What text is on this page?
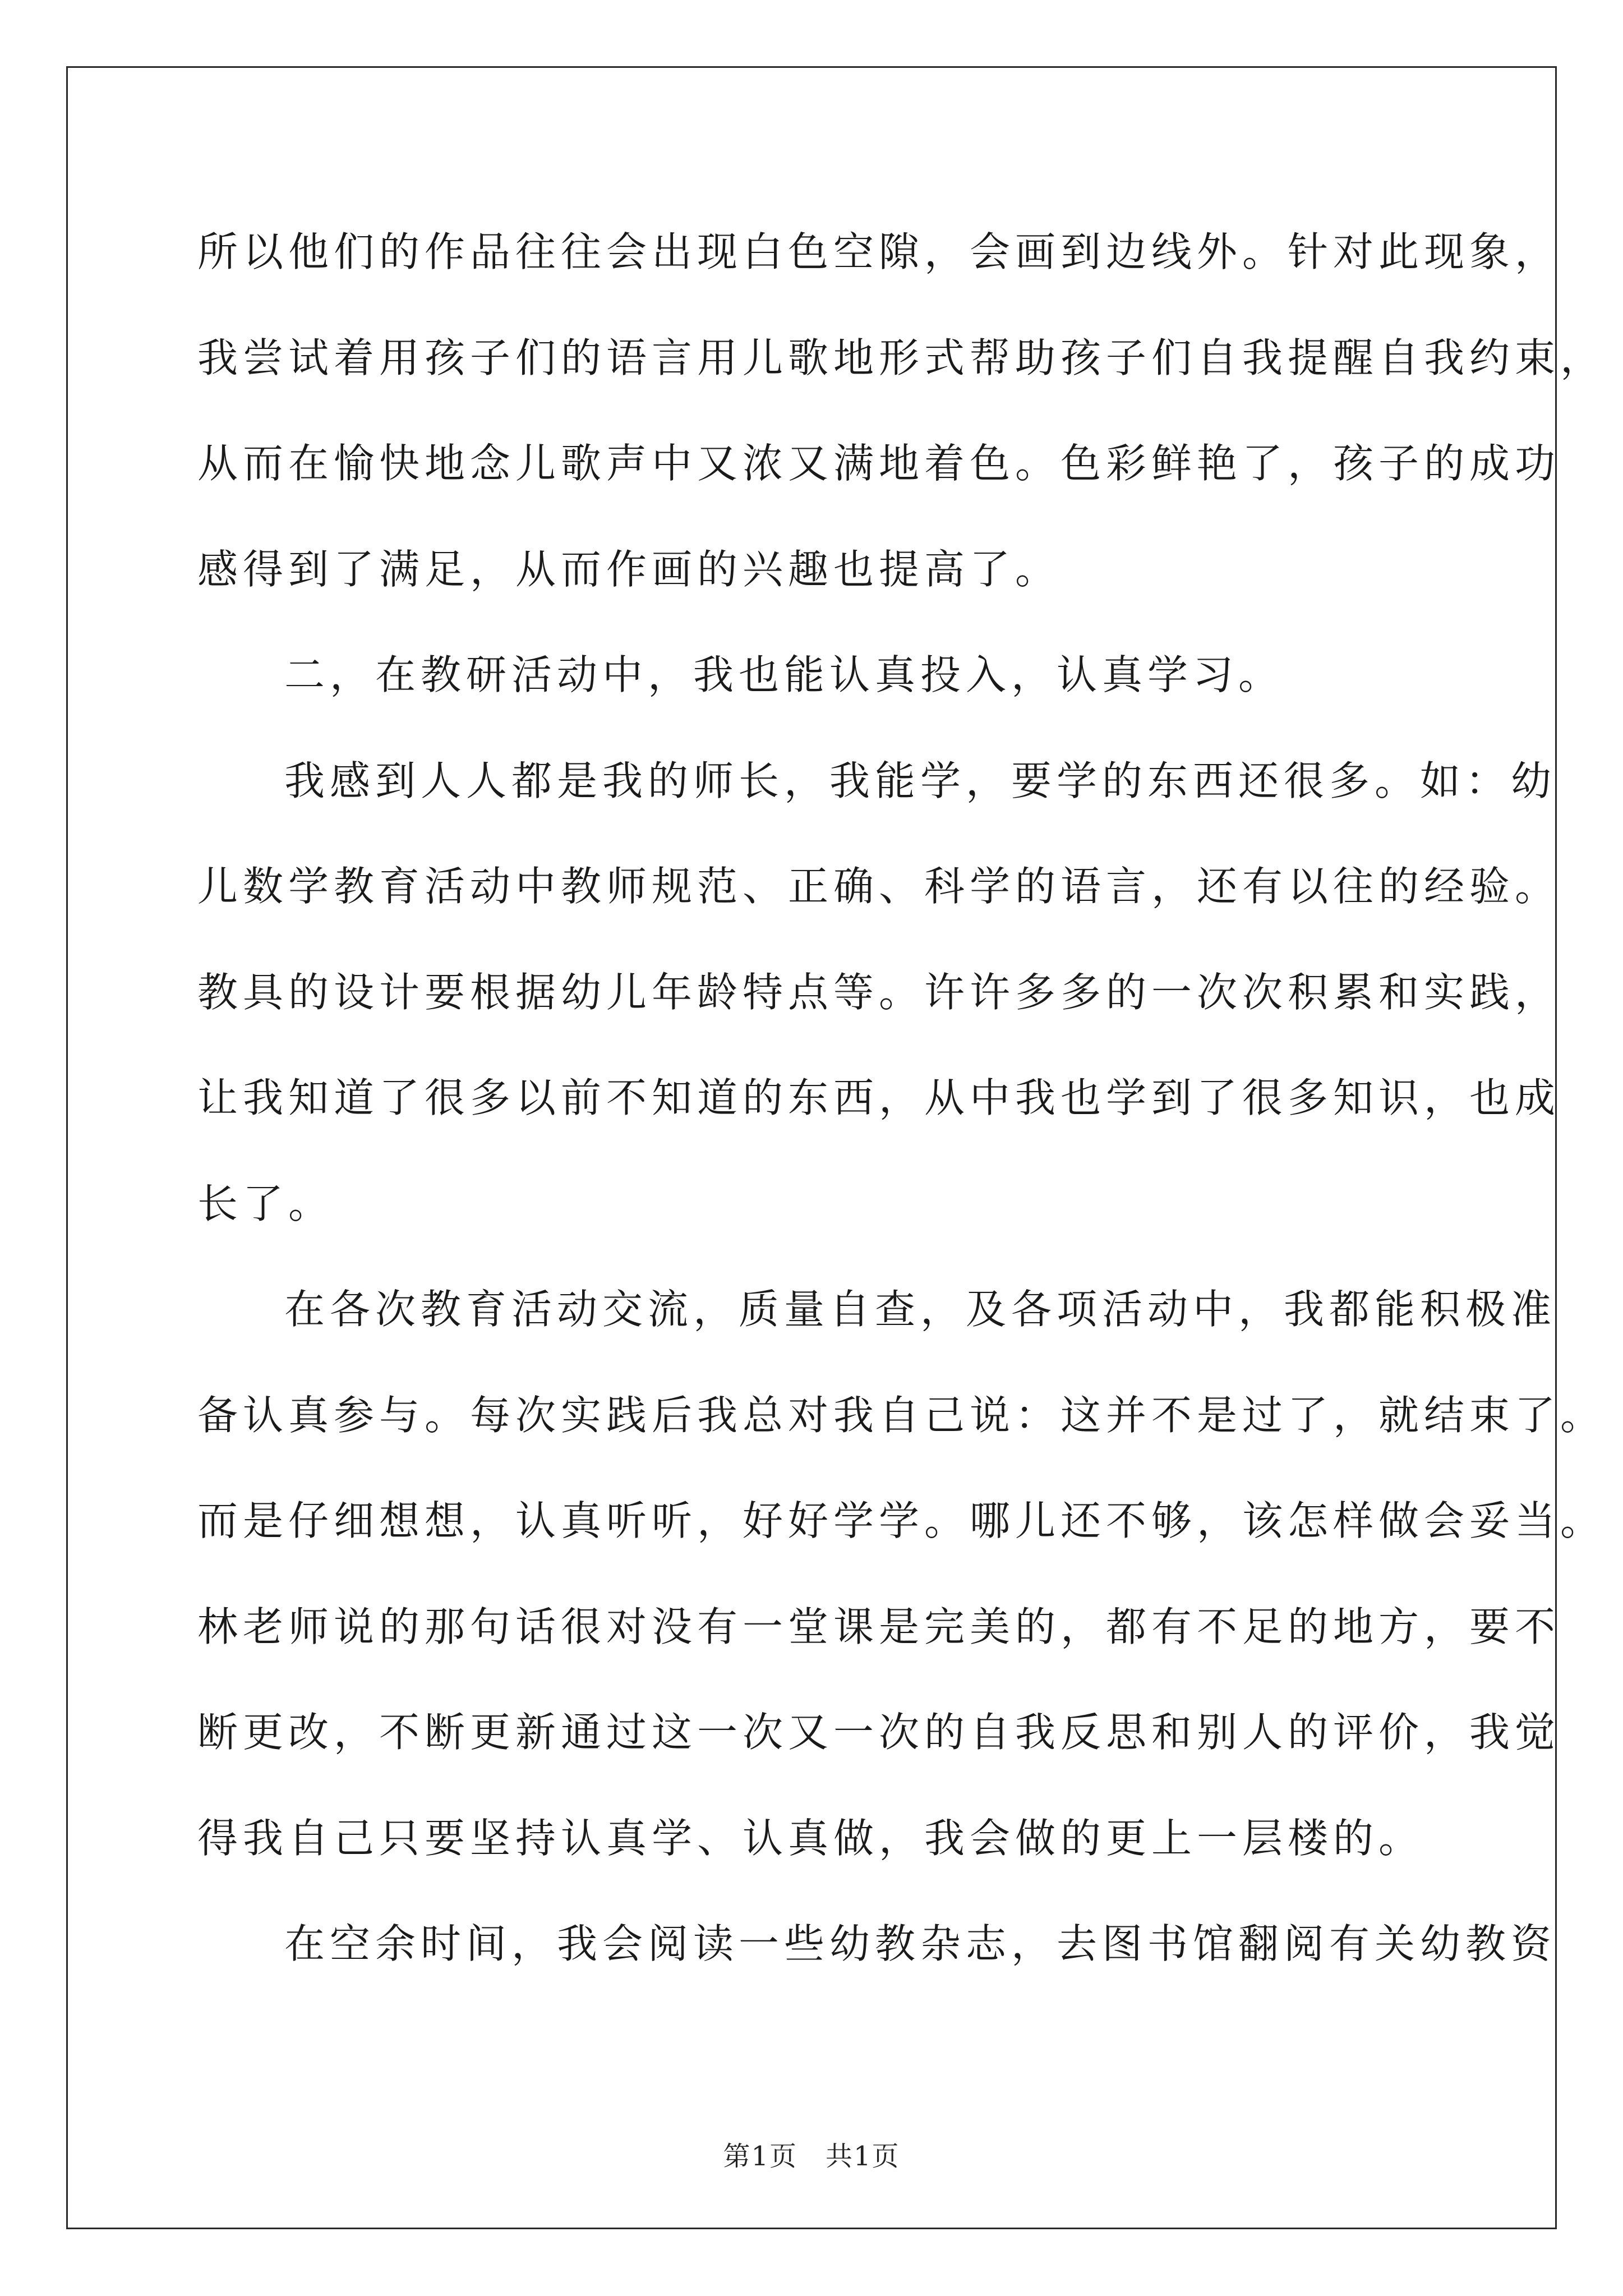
所以他们的作品往往会出现白色空隙，会画到边线外。针对此现象，
我尝试着用孩子们的语言用儿歌地形式帮助孩子们自我提醒自我约束，
从而在愉快地念儿歌声中又浓又满地着色。色彩鲜艳了，孩子的成功
感得到了满足，从而作画的兴趣也提高了。
二，在教研活动中，我也能认真投入，认真学习。
我感到人人都是我的师长，我能学，要学的东西还很多。如：幼
儿数学教育活动中教师规范、正确、科学的语言，还有以往的经验。
教具的设计要根据幼儿年龄特点等。许许多多的一次次积累和实践，
让我知道了很多以前不知道的东西，从中我也学到了很多知识，也成
长了。
在各次教育活动交流，质量自查，及各项活动中，我都能积极准
备认真参与。每次实践后我总对我自己说：这并不是过了，就结束了。
而是仔细想想，认真听听，好好学学。哪儿还不够，该怎样做会妥当。
林老师说的那句话很对没有一堂课是完美的，都有不足的地方，要不
断更改，不断更新通过这一次又一次的自我反思和别人的评价，我觉
得我自己只要坚持认真学、认真做，我会做的更上一层楼的。
在空余时间，我会阅读一些幼教杂志，去图书馆翻阅有关幼教资
第1页　共1页
